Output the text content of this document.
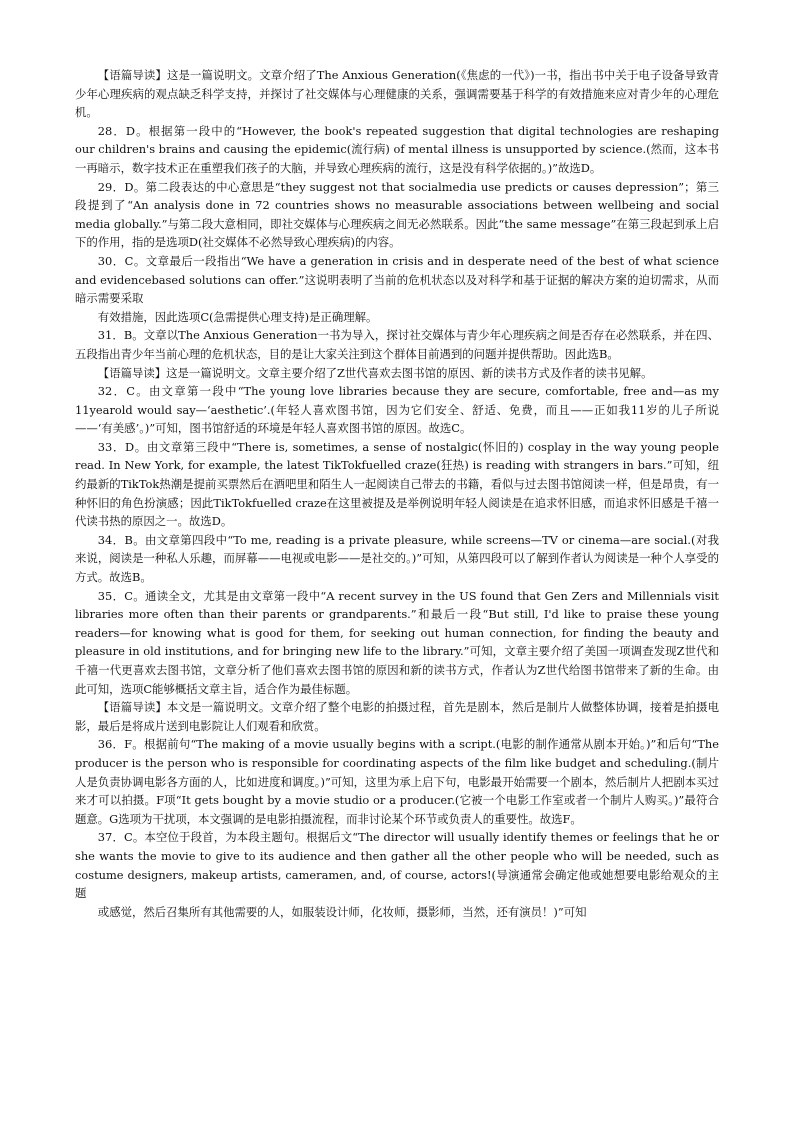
【语篇导读】这是一篇说明文。文章介绍了The Anxious Generation(《焦虑的一代》)一书，指出书中关于电子设备导致青少年心理疾病的观点缺乏科学支持，并探讨了社交媒体与心理健康的关系，强调需要基于科学的有效措施来应对青少年的心理危机。

28．D。根据第一段中的“However, the book's repeated suggestion that digital technologies are reshaping our children's brains and causing the epidemic(流行病) of mental illness is unsupported by science.(然而，这本书一再暗示，数字技术正在重塑我们孩子的大脑，并导致心理疾病的流行，这是没有科学依据的。)”故选D。

29．D。第二段表达的中心意思是“they suggest not that socialmedia use predicts or causes depression”；第三段提到了“An analysis done in 72 countries shows no measurable associations between wellbeing and social media globally.”与第二段大意相同，即社交媒体与心理疾病之间无必然联系。因此“the same message”在第三段起到承上启下的作用，指的是选项D(社交媒体不必然导致心理疾病)的内容。

30．C。文章最后一段指出“We have a generation in crisis and in desperate need of the best of what science and evidencebased solutions can offer.”这说明表明了当前的危机状态以及对科学和基于证据的解决方案的迫切需求，从而暗示需要采取

有效措施，因此选项C(急需提供心理支持)是正确理解。

31．B。文章以The Anxious Generation一书为导入，探讨社交媒体与青少年心理疾病之间是否存在必然联系，并在四、五段指出青少年当前心理的危机状态，目的是让大家关注到这个群体目前遇到的问题并提供帮助。因此选B。

【语篇导读】这是一篇说明文。文章主要介绍了Z世代喜欢去图书馆的原因、新的读书方式及作者的读书见解。

32．C。由文章第一段中“The young love libraries because they are secure, comfortable, free and—as my 11yearold would say—‘aesthetic’.(年轻人喜欢图书馆，因为它们安全、舒适、免费，而且——正如我11岁的儿子所说——‘有美感’。)”可知，图书馆舒适的环境是年轻人喜欢图书馆的原因。故选C。

33．D。由文章第三段中“There is, sometimes, a sense of nostalgic(怀旧的) cosplay in the way young people read. In New York, for example, the latest TikTokfuelled craze(狂热) is reading with strangers in bars.”可知，纽约最新的TikTok热潮是提前买票然后在酒吧里和陌生人一起阅读自己带去的书籍，看似与过去图书馆阅读一样，但是昂贵，有一种怀旧的角色扮演感；因此TikTokfuelled craze在这里被提及是举例说明年轻人阅读是在追求怀旧感，而追求怀旧感是千禧一代读书热的原因之一。故选D。

34．B。由文章第四段中“To me, reading is a private pleasure, while screens—TV or cinema—are social.(对我来说，阅读是一种私人乐趣，而屏幕——电视或电影——是社交的。)”可知，从第四段可以了解到作者认为阅读是一种个人享受的方式。故选B。

35．C。通读全文，尤其是由文章第一段中“A recent survey in the US found that Gen Zers and Millennials visit libraries more often than their parents or grandparents.”和最后一段“But still, I'd like to praise these young readers—for knowing what is good for them, for seeking out human connection, for finding the beauty and pleasure in old institutions, and for bringing new life to the library.”可知，文章主要介绍了美国一项调查发现Z世代和千禧一代更喜欢去图书馆，文章分析了他们喜欢去图书馆的原因和新的读书方式，作者认为Z世代给图书馆带来了新的生命。由此可知，选项C能够概括文章主旨，适合作为最佳标题。

【语篇导读】本文是一篇说明文。文章介绍了整个电影的拍摄过程，首先是剧本，然后是制片人做整体协调，接着是拍摄电影，最后是将成片送到电影院让人们观看和欣赏。

36．F。根据前句“The making of a movie usually begins with a script.(电影的制作通常从剧本开始。)”和后句“The producer is the person who is responsible for coordinating aspects of the film like budget and scheduling.(制片人是负责协调电影各方面的人，比如进度和调度。)”可知，这里为承上启下句，电影最开始需要一个剧本，然后制片人把剧本买过来才可以拍摄。F项“It gets bought by a movie studio or a producer.(它被一个电影工作室或者一个制片人购买。)”最符合题意。G选项为干扰项，本文强调的是电影拍摄流程，而非讨论某个环节或负责人的重要性。故选F。

37．C。本空位于段首，为本段主题句。根据后文“The director will usually identify themes or feelings that he or she wants the movie to give to its audience and then gather all the other people who will be needed, such as costume designers, makeup artists, cameramen, and, of course, actors!(导演通常会确定他或她想要电影给观众的主题

或感觉，然后召集所有其他需要的人，如服装设计师，化妆师，摄影师，当然，还有演员！)”可知
